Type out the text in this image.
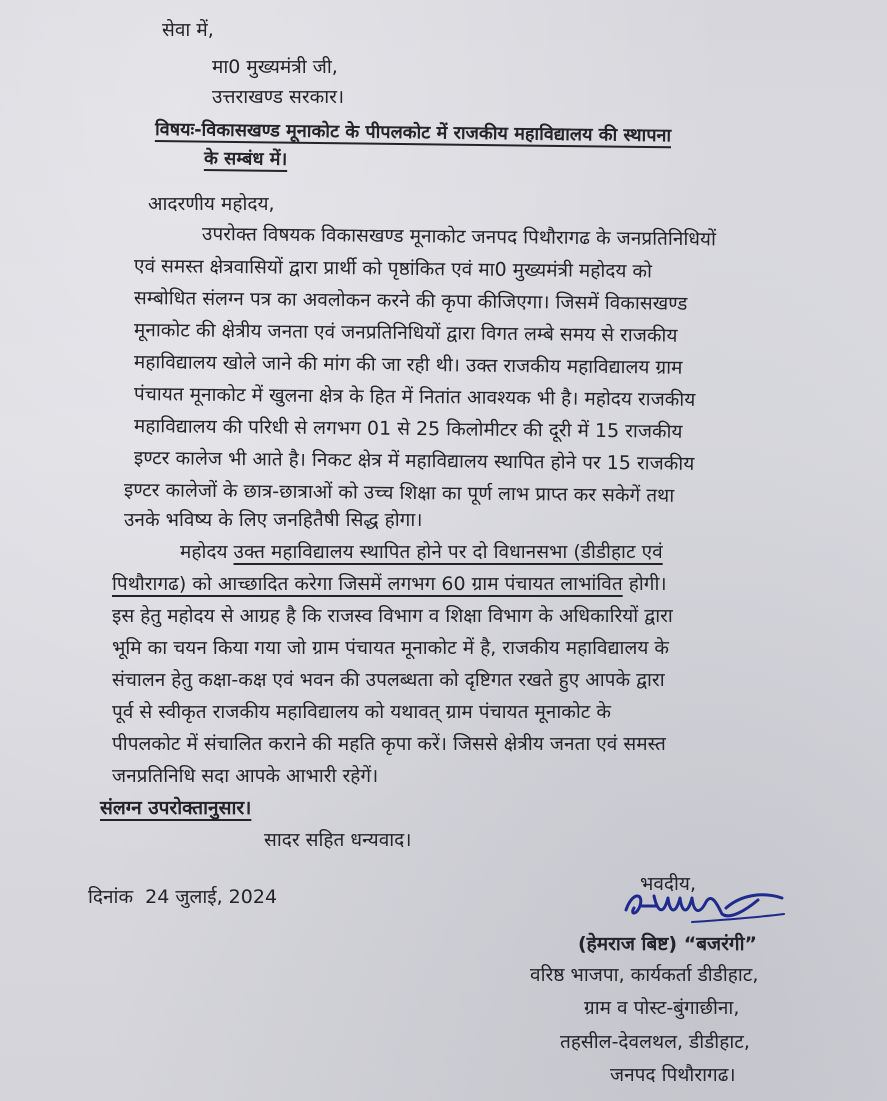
सेवा में,

मा0 मुख्यमंत्री जी,

उत्तराखण्ड सरकार।

विषयः-विकासखण्ड मूनाकोट के पीपलकोट में राजकीय महाविद्यालय की स्थापना

के सम्बंध में।

आदरणीय महोदय,

उपरोक्त विषयक विकासखण्ड मूनाकोट जनपद पिथौरागढ के जनप्रतिनिधियों

एवं समस्त क्षेत्रवासियों द्वारा प्रार्थी को पृष्ठांकित एवं मा0 मुख्यमंत्री महोदय को

सम्बोधित संलग्न पत्र का अवलोकन करने की कृपा कीजिएगा। जिसमें विकासखण्ड

मूनाकोट की क्षेत्रीय जनता एवं जनप्रतिनिधियों द्वारा विगत लम्बे समय से राजकीय

महाविद्यालय खोले जाने की मांग की जा रही थी। उक्त राजकीय महाविद्यालय ग्राम

पंचायत मूनाकोट में खुलना क्षेत्र के हित में नितांत आवश्यक भी है। महोदय राजकीय

महाविद्यालय की परिधी से लगभग 01 से 25 किलोमीटर की दूरी में 15 राजकीय

इण्टर कालेज भी आते है। निकट क्षेत्र में महाविद्यालय स्थापित होने पर 15 राजकीय

इण्टर कालेजों के छात्र-छात्राओं को उच्च शिक्षा का पूर्ण लाभ प्राप्त कर सकेगें तथा

उनके भविष्य के लिए जनहितैषी सिद्ध होगा।

महोदय उक्त महाविद्यालय स्थापित होने पर दो विधानसभा (डीडीहाट एवं

पिथौरागढ) को आच्छादित करेगा जिसमें लगभग 60 ग्राम पंचायत लाभांवित होगी।

इस हेतु महोदय से आग्रह है कि राजस्व विभाग व शिक्षा विभाग के अधिकारियों द्वारा

भूमि का चयन किया गया जो ग्राम पंचायत मूनाकोट में है, राजकीय महाविद्यालय के

संचालन हेतु कक्षा-कक्ष एवं भवन की उपलब्धता को दृष्टिगत रखते हुए आपके द्वारा

पूर्व से स्वीकृत राजकीय महाविद्यालय को यथावत् ग्राम पंचायत मूनाकोट के

पीपलकोट में संचालित कराने की महति कृपा करें। जिससे क्षेत्रीय जनता एवं समस्त

जनप्रतिनिधि सदा आपके आभारी रहेगें।

संलग्न उपरोक्तानुसार।

सादर सहित धन्यवाद।

दिनांक  24 जुलाई, 2024

भवदीय,

(हेमराज बिष्ट) “बजरंगी”

वरिष्ठ भाजपा, कार्यकर्ता डीडीहाट,

ग्राम व पोस्ट-बुंगाछीना,

तहसील-देवलथल, डीडीहाट,

जनपद पिथौरागढ।
